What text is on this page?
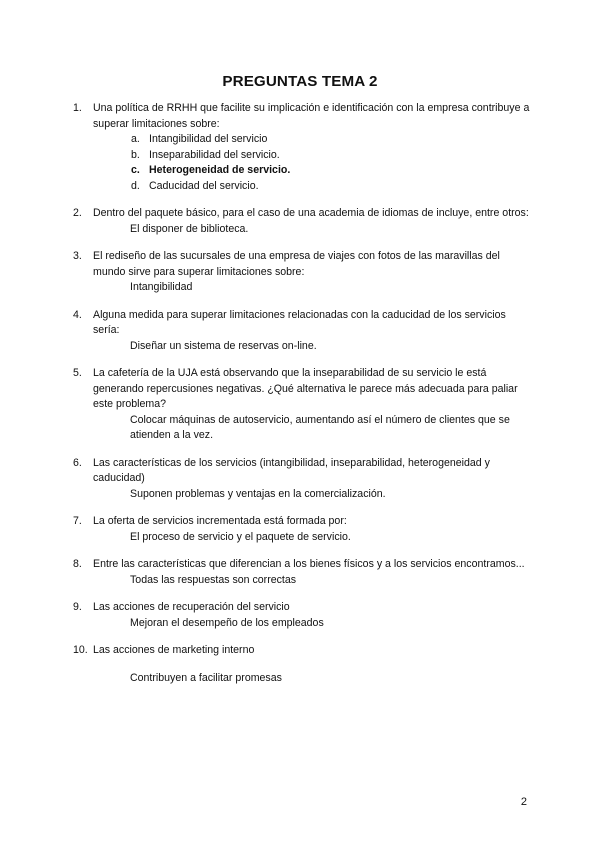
PREGUNTAS TEMA 2
1. Una política de RRHH que facilite su implicación e identificación con la empresa contribuye a superar limitaciones sobre:
a. Intangibilidad del servicio
b. Inseparabilidad del servicio.
c. Heterogeneidad de servicio.
d. Caducidad del servicio.
2. Dentro del paquete básico, para el caso de una academia de idiomas de incluye, entre otros:
El disponer de biblioteca.
3. El rediseño de las sucursales de una empresa de viajes con fotos de las maravillas del mundo sirve para superar limitaciones sobre:
Intangibilidad
4. Alguna medida para superar limitaciones relacionadas con la caducidad de los servicios sería:
Diseñar un sistema de reservas on-line.
5. La cafetería de la UJA está observando que la inseparabilidad de su servicio le está generando repercusiones negativas. ¿Qué alternativa le parece más adecuada para paliar este problema?
Colocar máquinas de autoservicio, aumentando así el número de clientes que se atienden a la vez.
6. Las características de los servicios (intangibilidad, inseparabilidad, heterogeneidad y caducidad)
Suponen problemas y ventajas en la comercialización.
7. La oferta de servicios incrementada está formada por:
El proceso de servicio y el paquete de servicio.
8. Entre las características que diferencian a los bienes físicos y a los servicios encontramos...
Todas las respuestas son correctas
9. Las acciones de recuperación del servicio
Mejoran el desempeño de los empleados
10. Las acciones de marketing interno
Contribuyen a facilitar promesas
2
